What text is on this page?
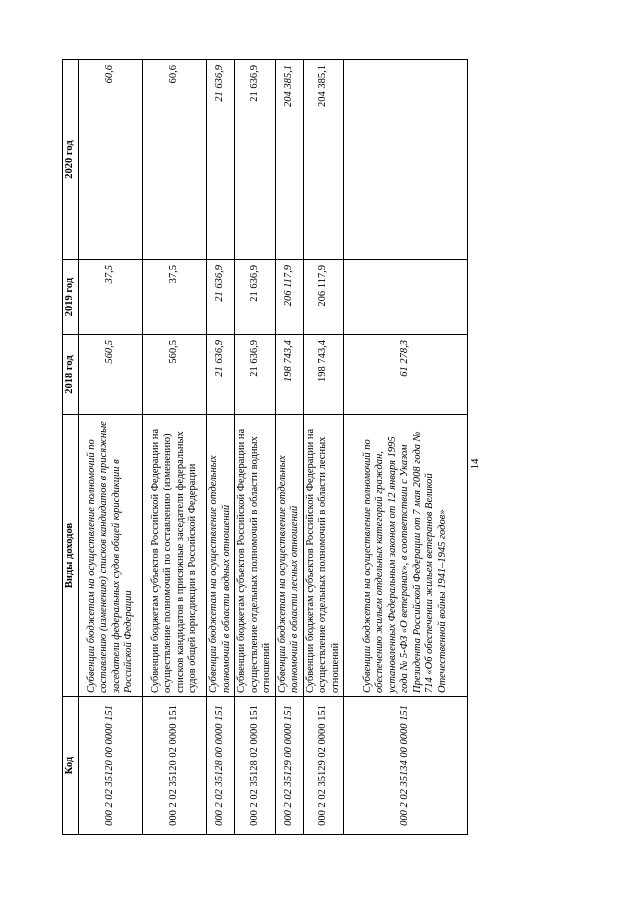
14
Код	Виды доходов	2018 год	2019 год	2020 год
000 2 02 35120 00 0000 151	Субвенции бюджетам на осуществление полномочий по составлению (изменению) списков кандидатов в присяжные заседатели федеральных судов общей юрисдикции в Российской Федерации	560,5	37,5	60,6
000 2 02 35120 02 0000 151	Субвенции бюджетам субъектов Российской Федерации на осуществление полномочий по составлению (изменению) списков кандидатов в присяжные заседатели федеральных судов общей юрисдикции в Российской Федерации	560,5	37,5	60,6
000 2 02 35128 00 0000 151	Субвенции бюджетам на осуществление отдельных полномочий в области водных отношений	21 636,9	21 636,9	21 636,9
000 2 02 35128 02 0000 151	Субвенции бюджетам субъектов Российской Федерации на осуществление отдельных полномочий в области водных отношений	21 636,9	21 636,9	21 636,9
000 2 02 35129 00 0000 151	Субвенции бюджетам на осуществление отдельных полномочий в области лесных отношений	198 743,4	206 117,9	204 385,1
000 2 02 35129 02 0000 151	Субвенции бюджетам субъектов Российской Федерации на осуществление отдельных полномочий в области лесных отношений	198 743,4	206 117,9	204 385,1
000 2 02 35134 00 0000 151	Субвенции бюджетам на осуществление полномочий по обеспечению жильем отдельных категорий граждан, установленных Федеральным законом от 12 января 1995 года № 5-ФЗ «О ветеранах», в соответствии с Указом Президента Российской Федерации от 7 мая 2008 года № 714 «Об обеспечении жильем ветеранов Великой Отечественной войны 1941–1945 годов»	61 278,3		
